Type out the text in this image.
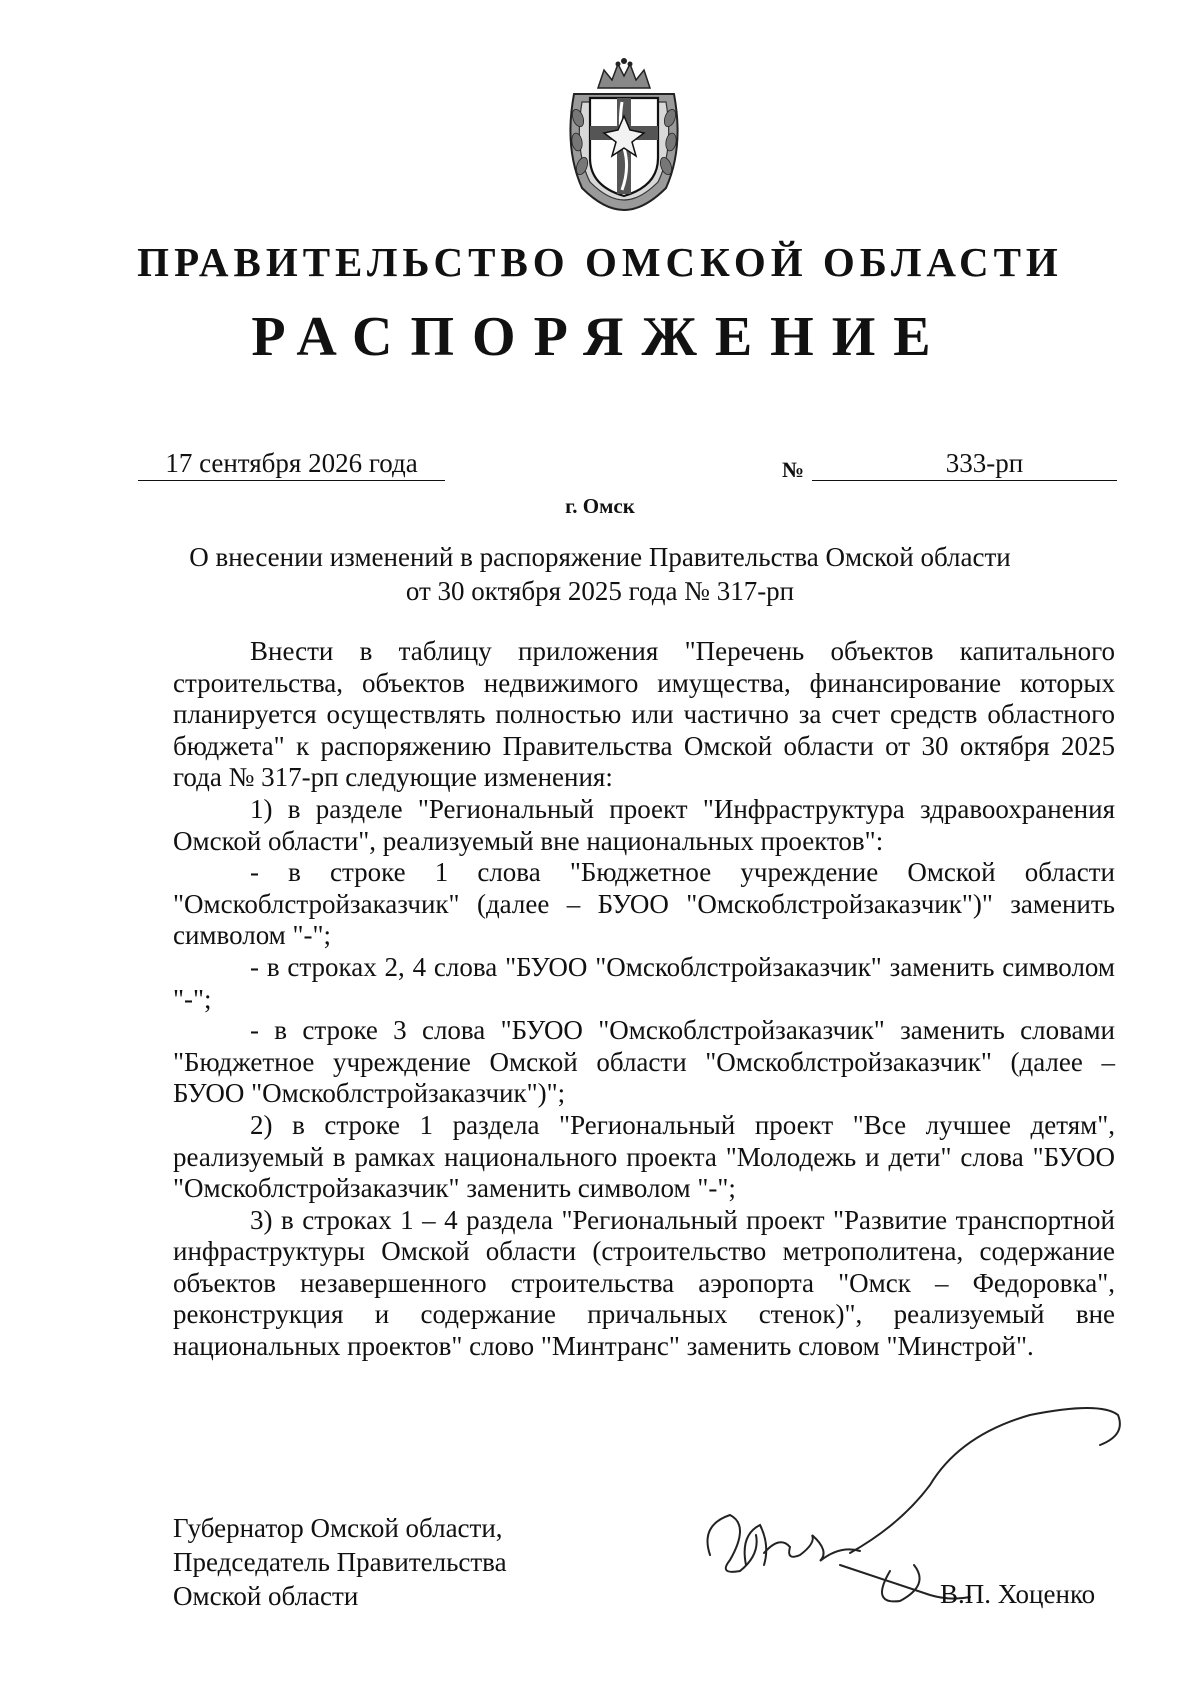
ПРАВИТЕЛЬСТВО ОМСКОЙ ОБЛАСТИ
РАСПОРЯЖЕНИЕ
17 сентября 2026 года	№	333-рп
г. Омск
О внесении изменений в распоряжение Правительства Омской области
от 30 октября 2025 года № 317-рп

Внести в таблицу приложения "Перечень объектов капитального строительства, объектов недвижимого имущества, финансирование которых планируется осуществлять полностью или частично за счет средств областного бюджета" к распоряжению Правительства Омской области от 30 октября 2025 года № 317-рп следующие изменения:

1) в разделе "Региональный проект "Инфраструктура здравоохранения Омской области", реализуемый вне национальных проектов":

- в строке 1 слова "Бюджетное учреждение Омской области "Омскоблстройзаказчик" (далее – БУОО "Омскоблстройзаказчик")" заменить символом "-";

- в строках 2, 4 слова "БУОО "Омскоблстройзаказчик" заменить символом "-";

- в строке 3 слова "БУОО "Омскоблстройзаказчик" заменить словами "Бюджетное учреждение Омской области "Омскоблстройзаказчик" (далее – БУОО "Омскоблстройзаказчик")";

2) в строке 1 раздела "Региональный проект "Все лучшее детям", реализуемый в рамках национального проекта "Молодежь и дети" слова "БУОО "Омскоблстройзаказчик" заменить символом "-";

3) в строках 1 – 4 раздела "Региональный проект "Развитие транспортной инфраструктуры Омской области (строительство метрополитена, содержание объектов незавершенного строительства аэропорта "Омск – Федоровка", реконструкция и содержание причальных стенок)", реализуемый вне национальных проектов" слово "Минтранс" заменить словом "Минстрой".

Губернатор Омской области,
Председатель Правительства
Омской области	В.П. Хоценко
